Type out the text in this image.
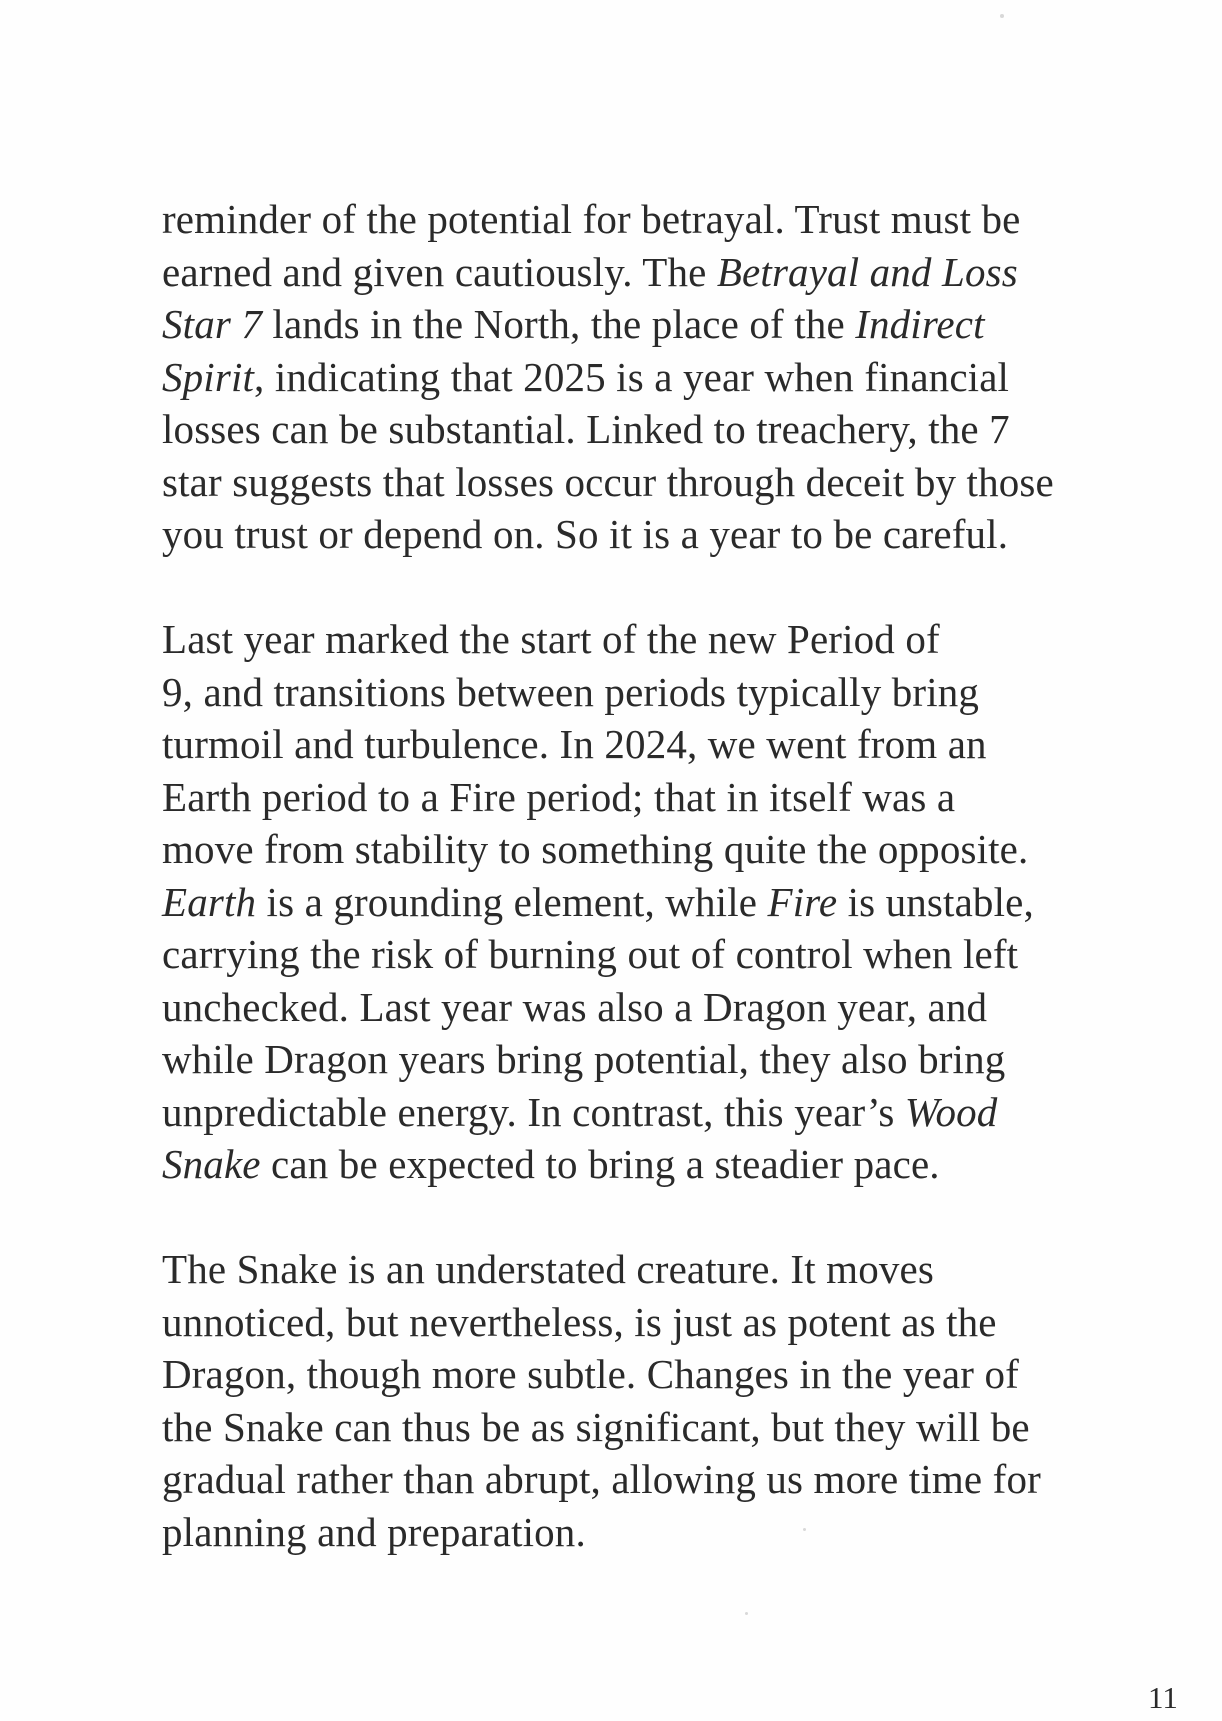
reminder of the potential for betrayal. Trust must be
earned and given cautiously. The Betrayal and Loss
Star 7 lands in the North, the place of the Indirect
Spirit, indicating that 2025 is a year when financial
losses can be substantial. Linked to treachery, the 7
star suggests that losses occur through deceit by those
you trust or depend on. So it is a year to be careful.
Last year marked the start of the new Period of
9, and transitions between periods typically bring
turmoil and turbulence. In 2024, we went from an
Earth period to a Fire period; that in itself was a
move from stability to something quite the opposite.
Earth is a grounding element, while Fire is unstable,
carrying the risk of burning out of control when left
unchecked. Last year was also a Dragon year, and
while Dragon years bring potential, they also bring
unpredictable energy. In contrast, this year’s Wood
Snake can be expected to bring a steadier pace.
The Snake is an understated creature. It moves
unnoticed, but nevertheless, is just as potent as the
Dragon, though more subtle. Changes in the year of
the Snake can thus be as significant, but they will be
gradual rather than abrupt, allowing us more time for
planning and preparation.
11
